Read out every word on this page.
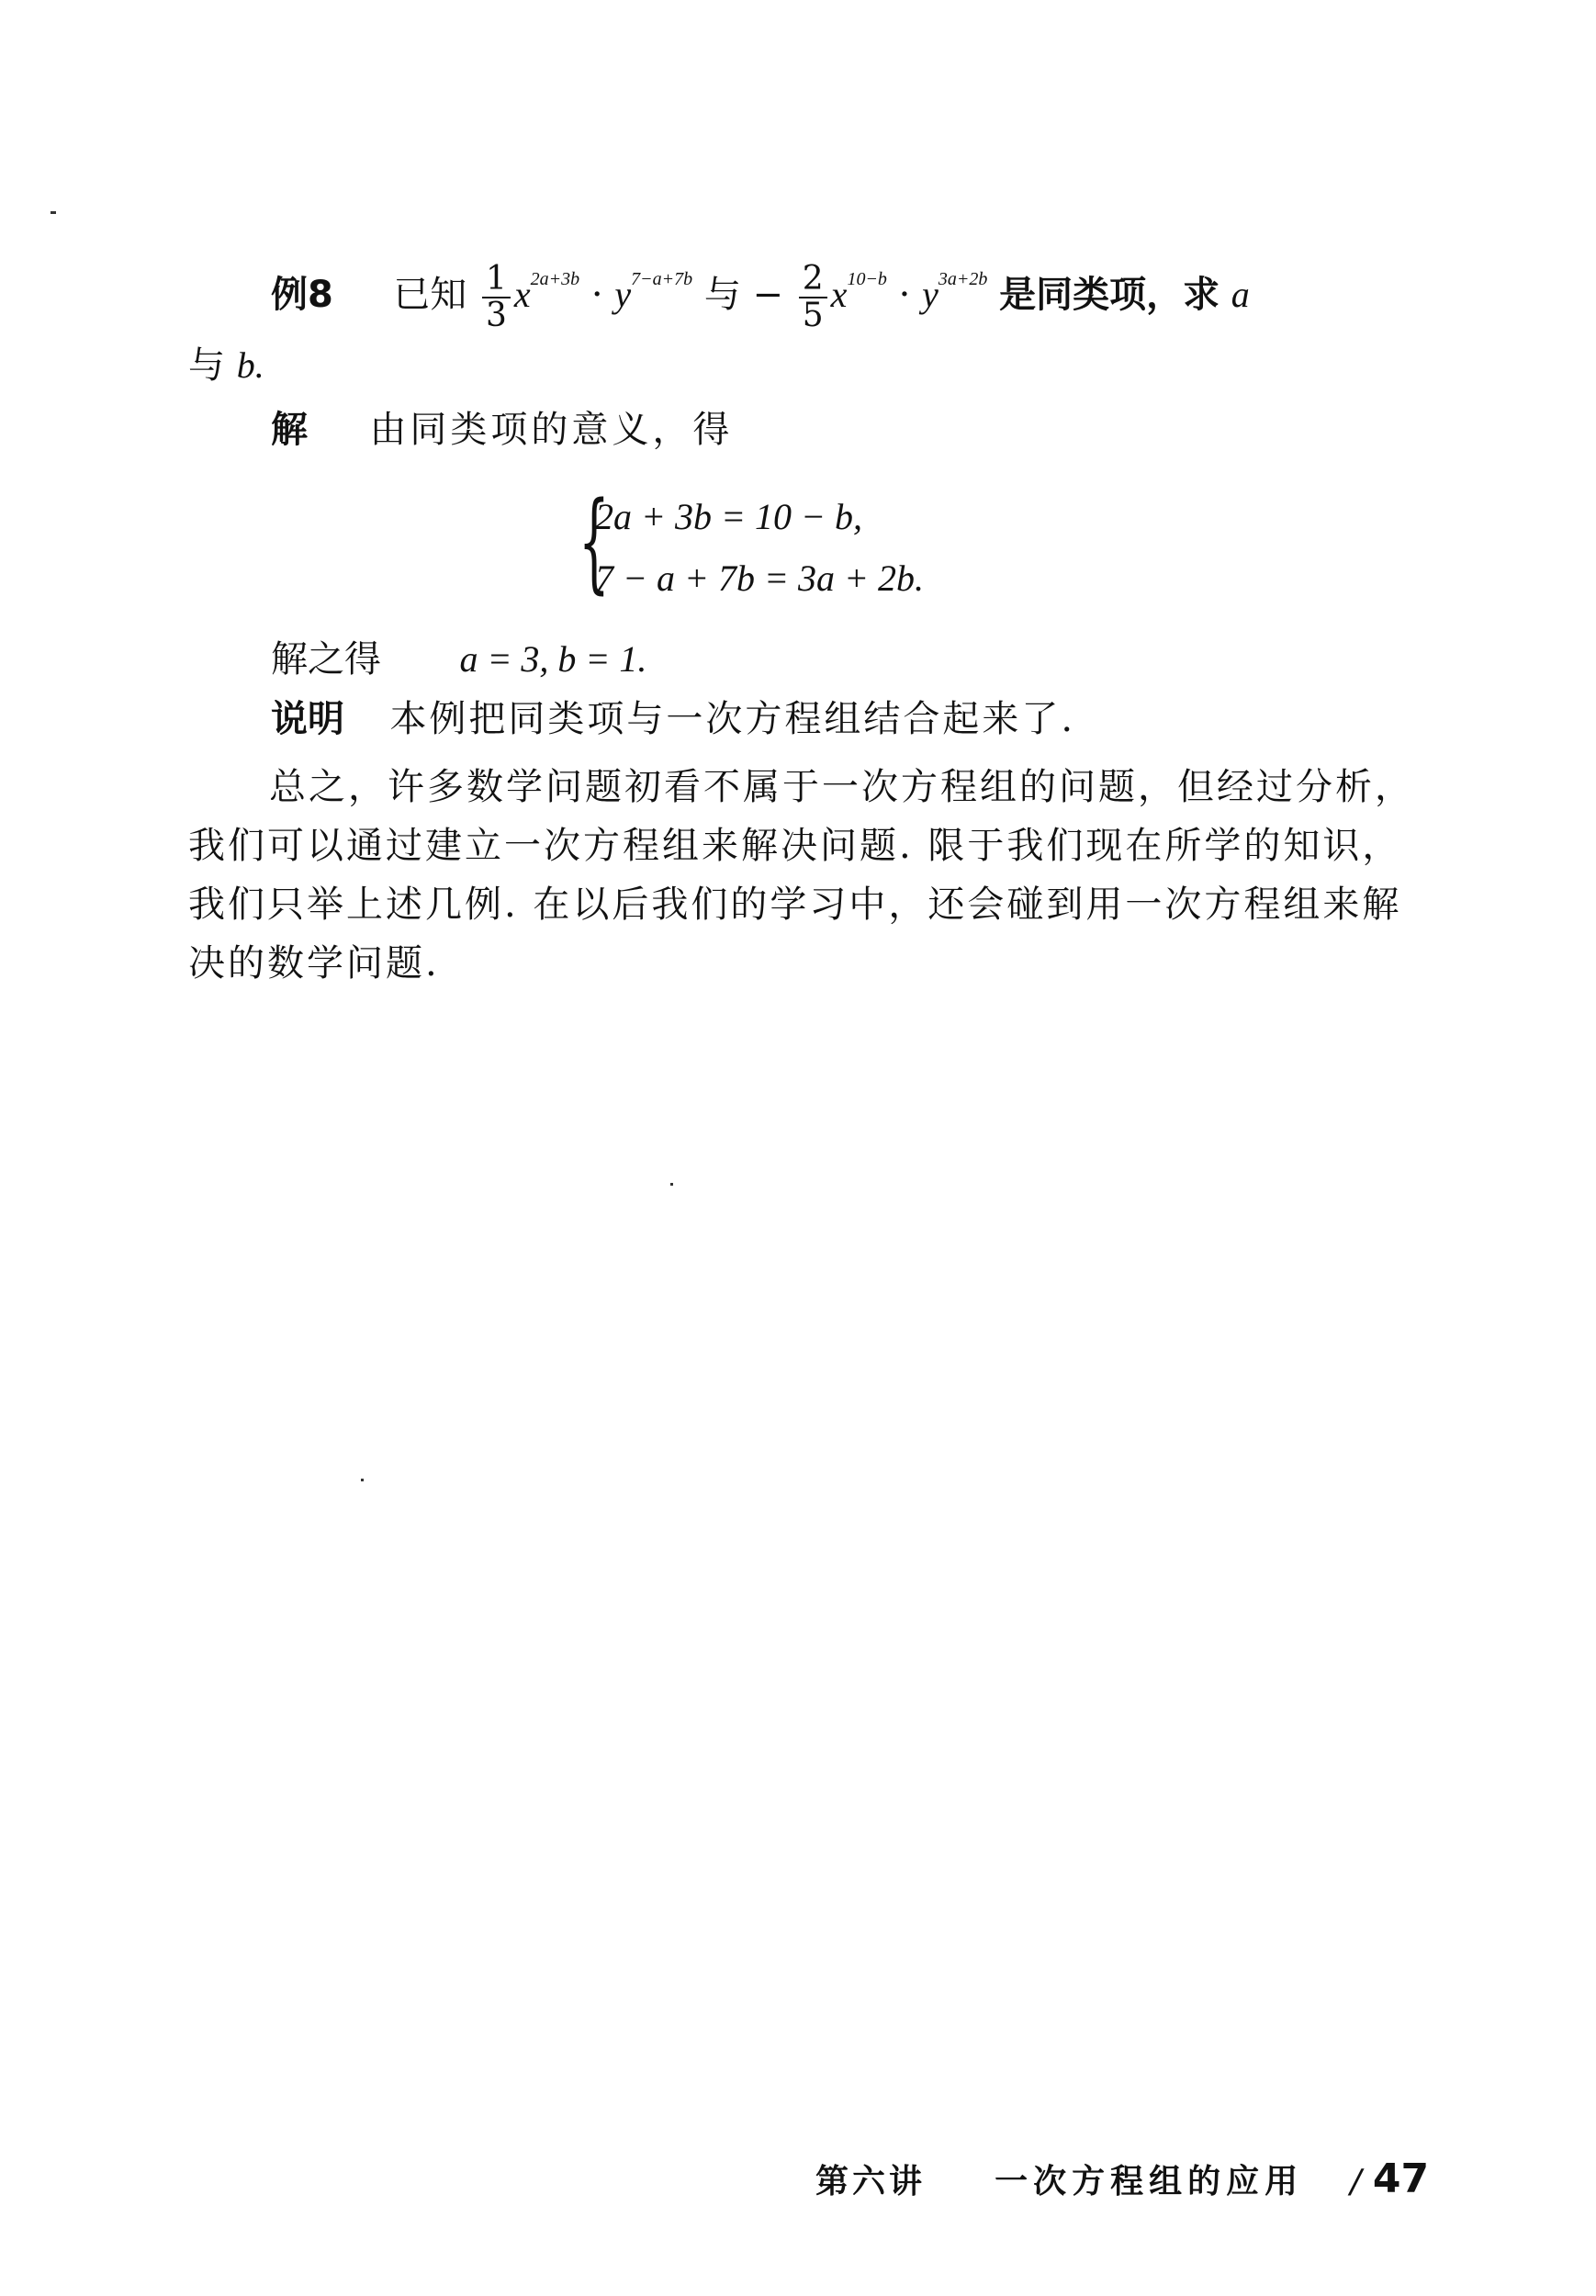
例8 已知 $\frac{1}{3} x^{2a+3b} \cdot y^{7-a+7b}$ 与 − $\frac{2}{5} x^{10-b} \cdot y^{3a+2b}$ 是同类项，求 a
与 b.
解 由同类项的意义，得
{
2a + 3b = 10 − b,
7 − a + 7b = 3a + 2b.
解之得 a = 3, b = 1.
说明 本例把同类项与一次方程组结合起来了.
总之，许多数学问题初看不属于一次方程组的问题，但经过分析，我们可以通过建立一次方程组来解决问题. 限于我们现在所学的知识，我们只举上述几例. 在以后我们的学习中，还会碰到用一次方程组来解决的数学问题.
第六讲 一次方程组的应用 / 47
